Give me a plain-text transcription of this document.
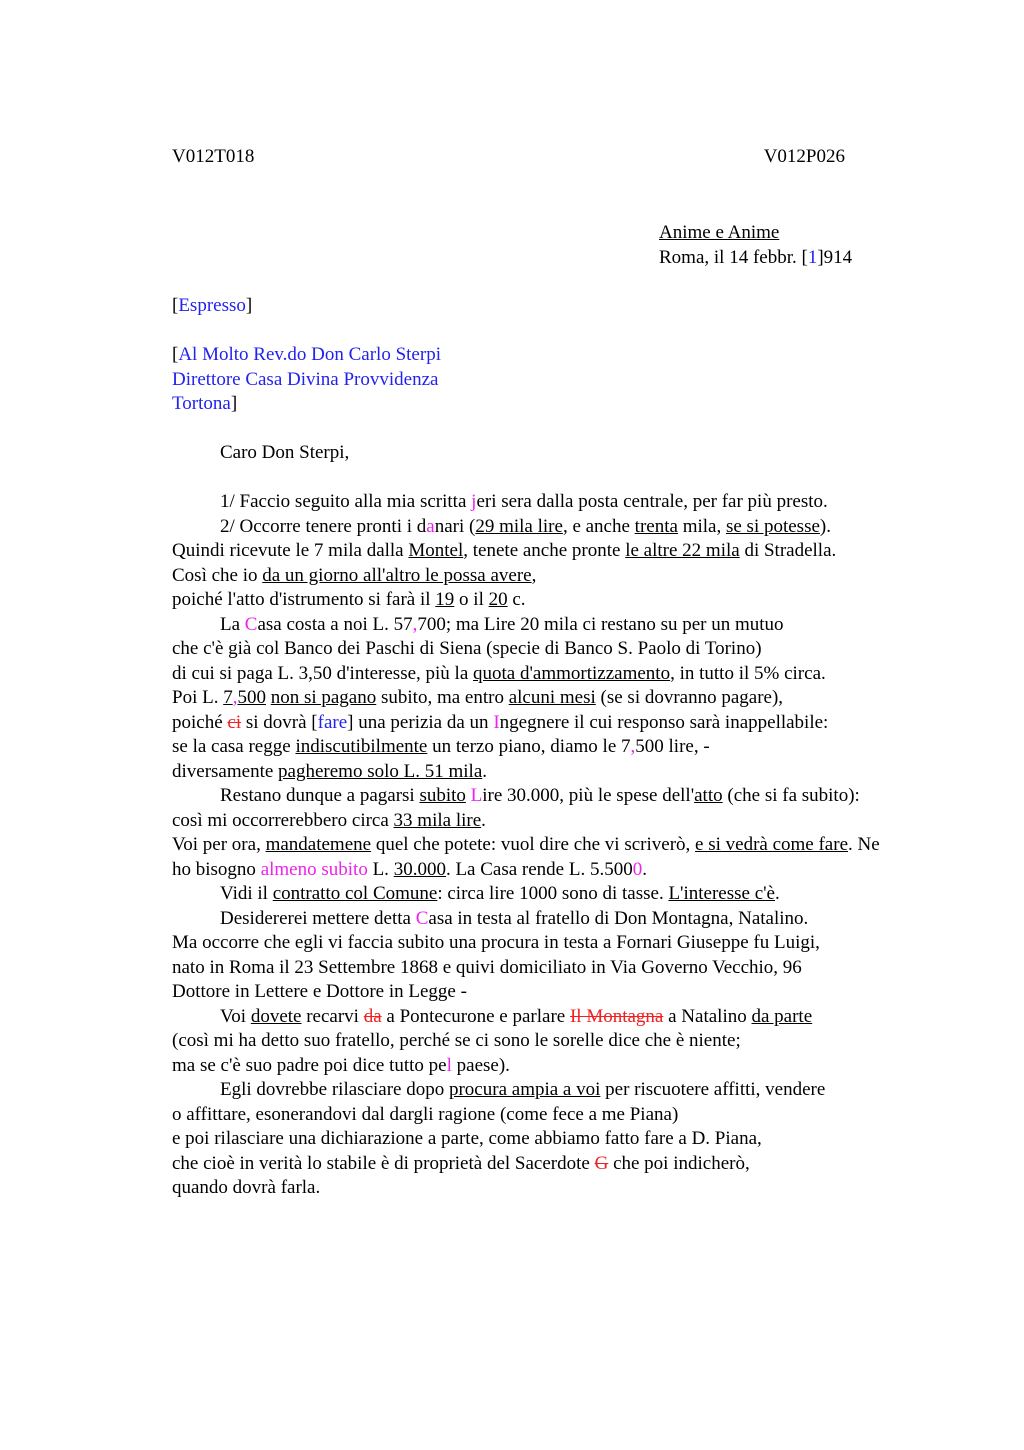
V012T018	V012P026

Anime e Anime

Roma, il 14 febbr. [1]914

[Espresso]

[Al Molto Rev.do Don Carlo Sterpi

Direttore Casa Divina Provvidenza

Tortona]

Caro Don Sterpi,

1/ Faccio seguito alla mia scritta jeri sera dalla posta centrale, per far più presto.

2/ Occorre tenere pronti i danari (29 mila lire, e anche trenta mila, se si potesse).

Quindi ricevute le 7 mila dalla Montel, tenete anche pronte le altre 22 mila di Stradella.

Così che io da un giorno all'altro le possa avere,

poiché l'atto d'istrumento si farà il 19 o il 20 c.

La Casa costa a noi L. 57,700; ma Lire 20 mila ci restano su per un mutuo

che c'è già col Banco dei Paschi di Siena (specie di Banco S. Paolo di Torino)

di cui si paga L. 3,50 d'interesse, più la quota d'ammortizzamento, in tutto il 5% circa.

Poi L. 7,500 non si pagano subito, ma entro alcuni mesi (se si dovranno pagare),

poiché ci si dovrà [fare] una perizia da un Ingegnere il cui responso sarà inappellabile:

se la casa regge indiscutibilmente un terzo piano, diamo le 7,500 lire, -

diversamente pagheremo solo L. 51 mila.

Restano dunque a pagarsi subito Lire 30.000, più le spese dell'atto (che si fa subito):

così mi occorrerebbero circa 33 mila lire.

Voi per ora, mandatemene quel che potete: vuol dire che vi scriverò, e si vedrà come fare. Ne ho bisogno almeno subito L. 30.000. La Casa rende L. 5.5000.

Vidi il contratto col Comune: circa lire 1000 sono di tasse. L'interesse c'è.

Desidererei mettere detta Casa in testa al fratello di Don Montagna, Natalino.

Ma occorre che egli vi faccia subito una procura in testa a Fornari Giuseppe fu Luigi,

nato in Roma il 23 Settembre 1868 e quivi domiciliato in Via Governo Vecchio, 96

Dottore in Lettere e Dottore in Legge -

Voi dovete recarvi da a Pontecurone e parlare Il Montagna a Natalino da parte

(così mi ha detto suo fratello, perché se ci sono le sorelle dice che è niente;

ma se c'è suo padre poi dice tutto pel paese).

Egli dovrebbe rilasciare dopo procura ampia a voi per riscuotere affitti, vendere

o affittare, esonerandovi dal dargli ragione (come fece a me Piana)

e poi rilasciare una dichiarazione a parte, come abbiamo fatto fare a D. Piana,

che cioè in verità lo stabile è di proprietà del Sacerdote G che poi indicherò,

quando dovrà farla.
